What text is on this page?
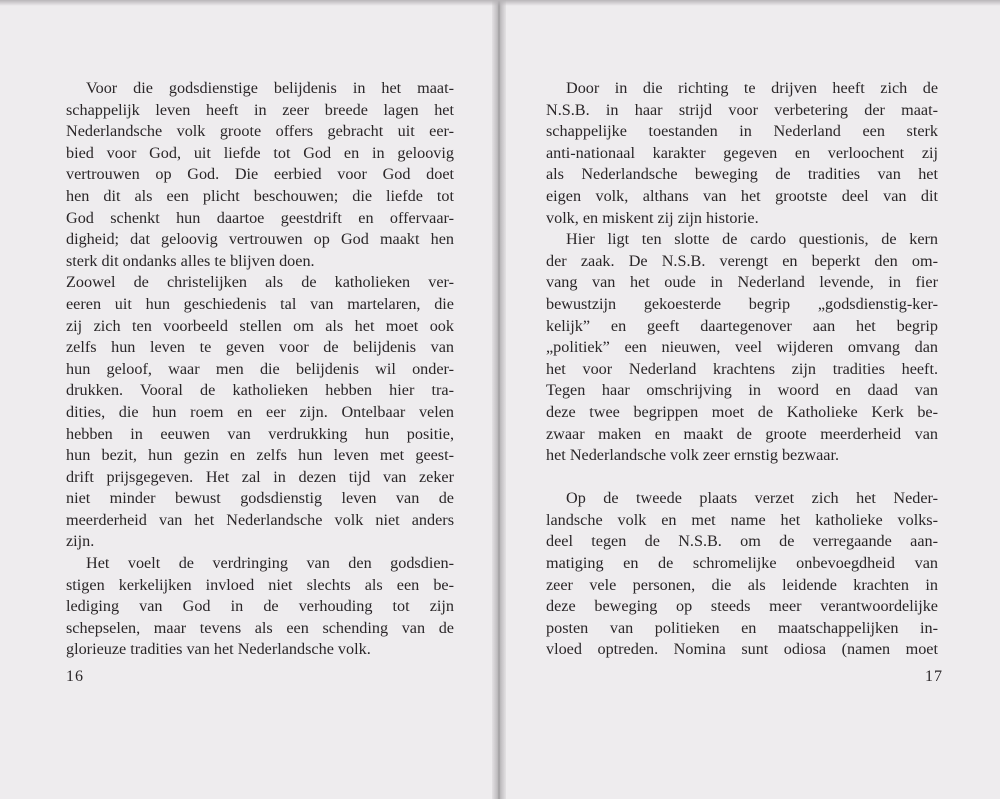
Voor die godsdienstige belijdenis in het maat-
schappelijk leven heeft in zeer breede lagen het
Nederlandsche volk groote offers gebracht uit eer-
bied voor God, uit liefde tot God en in geloovig
vertrouwen op God. Die eerbied voor God doet
hen dit als een plicht beschouwen; die liefde tot
God schenkt hun daartoe geestdrift en offervaar-
digheid; dat geloovig vertrouwen op God maakt hen
sterk dit ondanks alles te blijven doen.
Zoowel de christelijken als de katholieken ver-
eeren uit hun geschiedenis tal van martelaren, die
zij zich ten voorbeeld stellen om als het moet ook
zelfs hun leven te geven voor de belijdenis van
hun geloof, waar men die belijdenis wil onder-
drukken. Vooral de katholieken hebben hier tra-
dities, die hun roem en eer zijn. Ontelbaar velen
hebben in eeuwen van verdrukking hun positie,
hun bezit, hun gezin en zelfs hun leven met geest-
drift prijsgegeven. Het zal in dezen tijd van zeker
niet minder bewust godsdienstig leven van de
meerderheid van het Nederlandsche volk niet anders
zijn.
Het voelt de verdringing van den godsdien-
stigen kerkelijken invloed niet slechts als een be-
lediging van God in de verhouding tot zijn
schepselen, maar tevens als een schending van de
glorieuze tradities van het Nederlandsche volk.
16
Door in die richting te drijven heeft zich de
N.S.B. in haar strijd voor verbetering der maat-
schappelijke toestanden in Nederland een sterk
anti-nationaal karakter gegeven en verloochent zij
als Nederlandsche beweging de tradities van het
eigen volk, althans van het grootste deel van dit
volk, en miskent zij zijn historie.
Hier ligt ten slotte de cardo questionis, de kern
der zaak. De N.S.B. verengt en beperkt den om-
vang van het oude in Nederland levende, in fier
bewustzijn gekoesterde begrip „godsdienstig-ker-
kelijk” en geeft daartegenover aan het begrip
„politiek” een nieuwen, veel wijderen omvang dan
het voor Nederland krachtens zijn tradities heeft.
Tegen haar omschrijving in woord en daad van
deze twee begrippen moet de Katholieke Kerk be-
zwaar maken en maakt de groote meerderheid van
het Nederlandsche volk zeer ernstig bezwaar.
Op de tweede plaats verzet zich het Neder-
landsche volk en met name het katholieke volks-
deel tegen de N.S.B. om de verregaande aan-
matiging en de schromelijke onbevoegdheid van
zeer vele personen, die als leidende krachten in
deze beweging op steeds meer verantwoordelijke
posten van politieken en maatschappelijken in-
vloed optreden. Nomina sunt odiosa (namen moet
17
